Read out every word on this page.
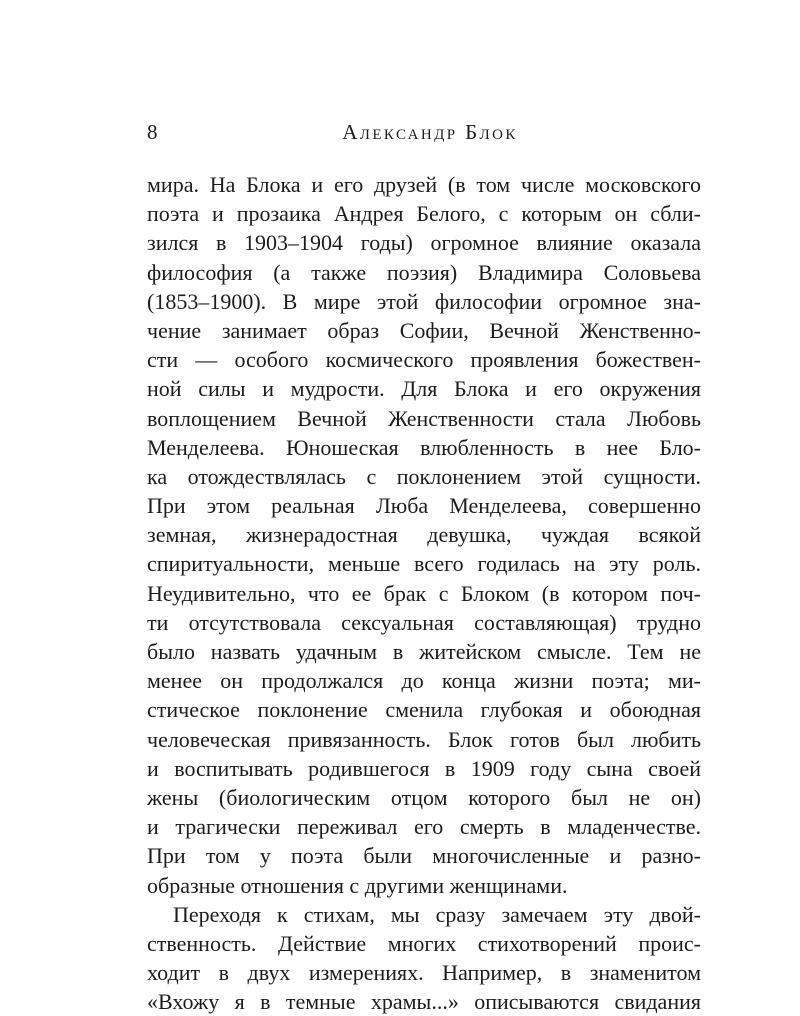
8	Александр Блок

мира. На Блока и его друзей (в том числе московского
поэта и прозаика Андрея Белого, с которым он сбли-
зился в 1903–1904 годы) огромное влияние оказала
философия (а также поэзия) Владимира Соловьева
(1853–1900). В мире этой философии огромное зна-
чение занимает образ Софии, Вечной Женственно-
сти — особого космического проявления божествен-
ной силы и мудрости. Для Блока и его окружения
воплощением Вечной Женственности стала Любовь
Менделеева. Юношеская влюбленность в нее Бло-
ка отождествлялась с поклонением этой сущности.
При этом реальная Люба Менделеева, совершенно
земная, жизнерадостная девушка, чуждая всякой
спиритуальности, меньше всего годилась на эту роль.
Неудивительно, что ее брак с Блоком (в котором поч-
ти отсутствовала сексуальная составляющая) трудно
было назвать удачным в житейском смысле. Тем не
менее он продолжался до конца жизни поэта; ми-
стическое поклонение сменила глубокая и обоюдная
человеческая привязанность. Блок готов был любить
и воспитывать родившегося в 1909 году сына своей
жены (биологическим отцом которого был не он)
и трагически переживал его смерть в младенчестве.
При том у поэта были многочисленные и разно-
образные отношения с другими женщинами.

Переходя к стихам, мы сразу замечаем эту двой-
ственность. Действие многих стихотворений проис-
ходит в двух измерениях. Например, в знаменитом
«Вхожу я в темные храмы...» описываются свидания
